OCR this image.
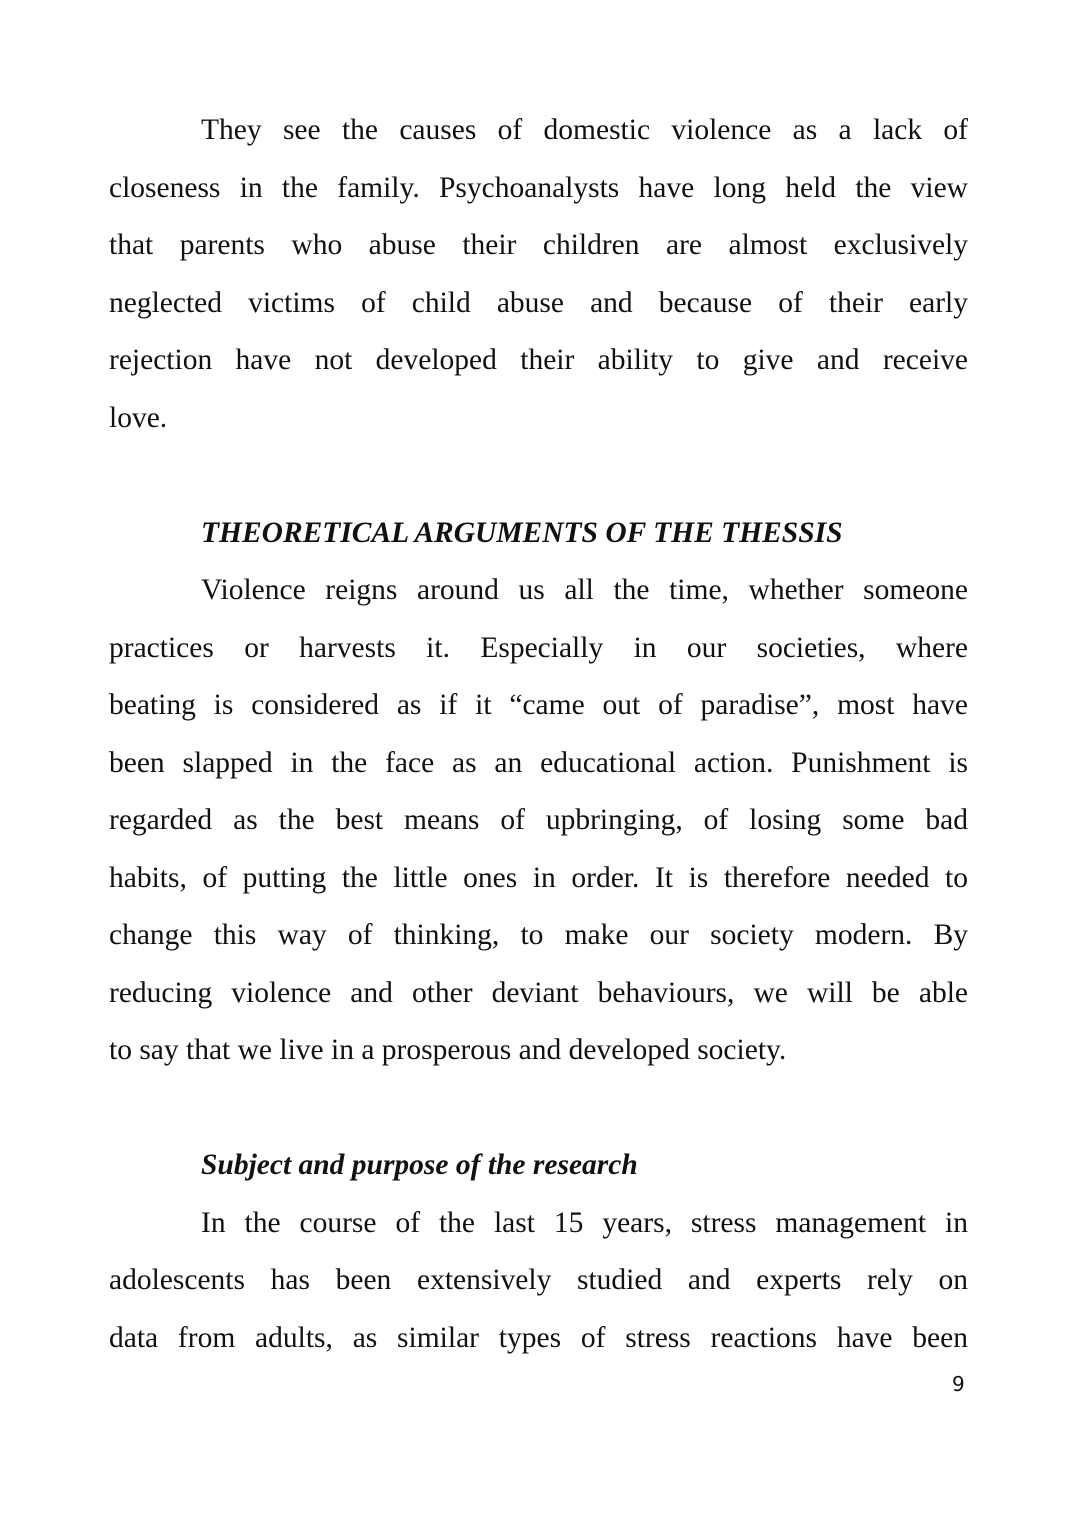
They see the causes of domestic violence as a lack of
closeness in the family. Psychoanalysts have long held the view
that parents who abuse their children are almost exclusively
neglected victims of child abuse and because of their early
rejection have not developed their ability to give and receive
love.
THEORETICAL ARGUMENTS OF THE THESSIS
Violence reigns around us all the time, whether someone
practices or harvests it. Especially in our societies, where
beating is considered as if it “came out of paradise”, most have
been slapped in the face as an educational action. Punishment is
regarded as the best means of upbringing, of losing some bad
habits, of putting the little ones in order. It is therefore needed to
change this way of thinking, to make our society modern. By
reducing violence and other deviant behaviours, we will be able
to say that we live in a prosperous and developed society.
Subject and purpose of the research
In the course of the last 15 years, stress management in
adolescents has been extensively studied and experts rely on
data from adults, as similar types of stress reactions have been
9
